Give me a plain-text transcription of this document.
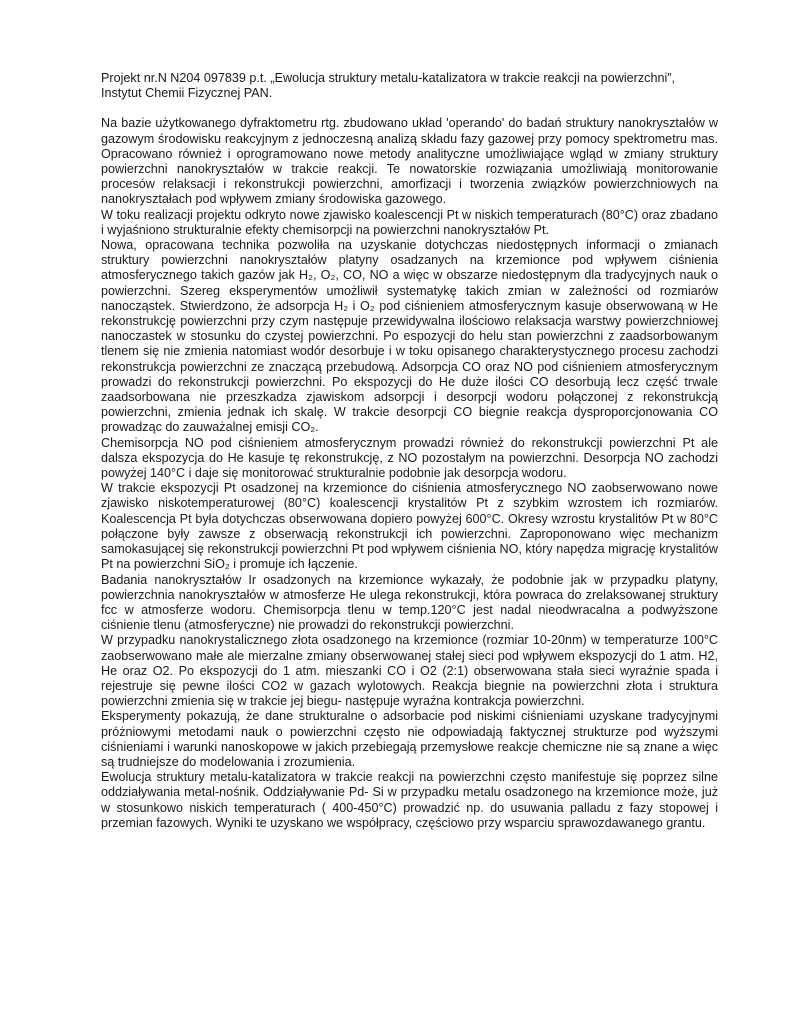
Projekt nr.N N204 097839 p.t. „Ewolucja struktury metalu-katalizatora w trakcie reakcji na powierzchni”, Instytut Chemii Fizycznej PAN.

Na bazie użytkowanego dyfraktometru rtg. zbudowano układ 'operando' do badań struktury nanokryształów w gazowym środowisku reakcyjnym z jednoczesną analizą składu fazy gazowej przy pomocy spektrometru mas. Opracowano również i oprogramowano nowe metody analityczne umożliwiające wgląd w zmiany struktury powierzchni nanokryształów w trakcie reakcji. Te nowatorskie rozwiązania umożliwiają monitorowanie procesów relaksacji i rekonstrukcji powierzchni, amorfizacji i tworzenia związków powierzchniowych na nanokryształach pod wpływem zmiany środowiska gazowego.

W toku realizacji projektu odkryto nowe zjawisko koalescencji Pt w niskich temperaturach (80°C) oraz zbadano i wyjaśniono strukturalnie efekty chemisorpcji na powierzchni nanokryształów Pt.

Nowa, opracowana technika pozwoliła na uzyskanie dotychczas niedostępnych informacji o zmianach struktury powierzchni nanokryształów platyny osadzanych na krzemionce pod wpływem ciśnienia atmosferycznego takich gazów jak H₂, O₂, CO, NO a więc w obszarze niedostępnym dla tradycyjnych nauk o powierzchni. Szereg eksperymentów umożliwił systematykę takich zmian w zależności od rozmiarów nanocząstek. Stwierdzono, że adsorpcja H₂ i O₂ pod ciśnieniem atmosferycznym kasuje obserwowaną w He rekonstrukcję powierzchni przy czym następuje przewidywalna ilościowo relaksacja warstwy powierzchniowej nanoczastek w stosunku do czystej powierzchni. Po espozycji do helu stan powierzchni z zaadsorbowanym tlenem się nie zmienia natomiast wodór desorbuje i w toku opisanego charakterystycznego procesu zachodzi rekonstrukcja powierzchni ze znaczącą przebudową. Adsorpcja CO oraz NO pod ciśnieniem atmosferycznym prowadzi do rekonstrukcji powierzchni. Po ekspozycji do He duże ilości CO desorbują lecz część trwale zaadsorbowana nie przeszkadza zjawiskom adsorpcji i desorpcji wodoru połączonej z rekonstrukcją powierzchni, zmienia jednak ich skalę. W trakcie desorpcji CO biegnie reakcja dysproporcjonowania CO prowadząc do zauważalnej emisji CO₂.

Chemisorpcja NO pod ciśnieniem atmosferycznym prowadzi również do rekonstrukcji powierzchni Pt ale dalsza ekspozycja do He kasuje tę rekonstrukcję, z NO pozostałym na powierzchni. Desorpcja NO zachodzi powyżej 140°C i daje się monitorować strukturalnie podobnie jak desorpcja wodoru.

W trakcie ekspozycji Pt osadzonej na krzemionce do ciśnienia atmosferycznego NO zaobserwowano nowe zjawisko niskotemperaturowej (80°C) koalescencji krystalitów Pt z szybkim wzrostem ich rozmiarów. Koalescencja Pt była dotychczas obserwowana dopiero powyżej 600°C. Okresy wzrostu krystalitów Pt w 80°C połączone były zawsze z obserwacją rekonstrukcji ich powierzchni. Zaproponowano więc mechanizm samokasującej się rekonstrukcji powierzchni Pt pod wpływem ciśnienia NO, który napędza migrację krystalitów Pt na powierzchni SiO₂ i promuje ich łączenie.

Badania nanokryształów Ir osadzonych na krzemionce wykazały, że podobnie jak w przypadku platyny, powierzchnia nanokryształów w atmosferze He ulega rekonstrukcji, która powraca do zrelaksowanej struktury fcc w atmosferze wodoru. Chemisorpcja tlenu w temp.120°C jest nadal nieodwracalna a podwyższone ciśnienie tlenu (atmosferyczne) nie prowadzi do rekonstrukcji powierzchni.

W przypadku nanokrystalicznego złota osadzonego na krzemionce (rozmiar 10-20nm) w temperaturze 100°C zaobserwowano małe ale mierzalne zmiany obserwowanej stałej sieci pod wpływem ekspozycji do 1 atm. H2, He oraz O2. Po ekspozycji do 1 atm. mieszanki CO i O2 (2:1) obserwowana stała sieci wyraźnie spada i rejestruje się pewne ilości CO2 w gazach wylotowych. Reakcja biegnie na powierzchni złota i struktura powierzchni zmienia się w trakcie jej biegu- następuje wyraźna kontrakcja powierzchni.

Eksperymenty pokazują, że dane strukturalne o adsorbacie pod niskimi ciśnieniami uzyskane tradycyjnymi próżniowymi metodami nauk o powierzchni często nie odpowiadają faktycznej strukturze pod wyższymi ciśnieniami i warunki nanoskopowe w jakich przebiegają przemysłowe reakcje chemiczne nie są znane a więc są trudniejsze do modelowania i zrozumienia.

Ewolucja struktury metalu-katalizatora w trakcie reakcji na powierzchni często manifestuje się poprzez silne oddziaływania metal-nośnik. Oddziaływanie Pd- Si w przypadku metalu osadzonego na krzemionce może, już w stosunkowo niskich temperaturach ( 400-450°C) prowadzić np. do usuwania palladu z fazy stopowej i przemian fazowych. Wyniki te uzyskano we współpracy, częściowo przy wsparciu sprawozdawanego grantu.
